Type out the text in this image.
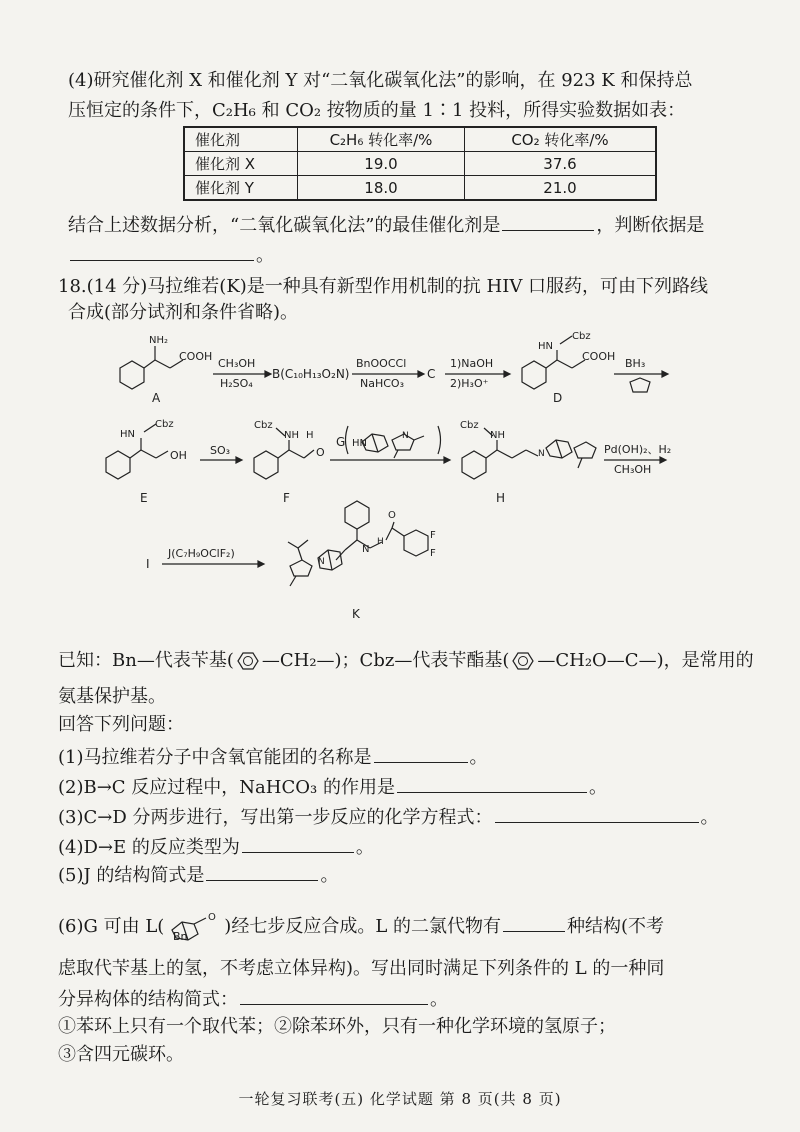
(4)研究催化剂 X 和催化剂 Y 对“二氧化碳氧化法”的影响，在 923 K 和保持总
压恒定的条件下，C₂H₆ 和 CO₂ 按物质的量 1∶1 投料，所得实验数据如表：
催化剂	C₂H₆ 转化率/%	CO₂ 转化率/%
催化剂 X	19.0	37.6
催化剂 Y	18.0	21.0
结合上述数据分析，“二氧化碳氧化法”的最佳催化剂是	，判断依据是
。
18.(14 分)马拉维若(K)是一种具有新型作用机制的抗 HIV 口服药，可由下列路线
合成(部分试剂和条件省略)。
NH₂
COOH
A
CH₃OH
H₂SO₄
B(C₁₀H₁₃O₂N)
BnOOCCl
NaHCO₃
C
1)NaOH
2)H₃O⁺
HN
Cbz
COOH
D
BH₃
HN
Cbz
OH
E
SO₃
Cbz
NH H
O
F
G HN
N
Cbz
NH
N
H
Pd(OH)₂、H₂
CH₃OH
I
J(C₇H₉OClF₂)	N
N
H
O
F
F
K
已知：Bn—代表苄基( —CH₂—)；Cbz—代表苄酯基( —CH₂O—C—)，是常用的
氨基保护基。
回答下列问题：
(1)马拉维若分子中含氧官能团的名称是	。
(2)B→C 反应过程中，NaHCO₃ 的作用是	。
(3)C→D 分两步进行，写出第一步反应的化学方程式：	。
(4)D→E 的反应类型为	。
(5)J 的结构简式是	。
(6)G 可由 L(	O )经七步反应合成。L 的二氯代物有	种结构(不考
Bn
虑取代苄基上的氢，不考虑立体异构)。写出同时满足下列条件的 L 的一种同
分异构体的结构简式：	。
①苯环上只有一个取代苯；②除苯环外，只有一种化学环境的氢原子；
③含四元碳环。
一轮复习联考(五) 化学试题 第 8 页(共 8 页)
